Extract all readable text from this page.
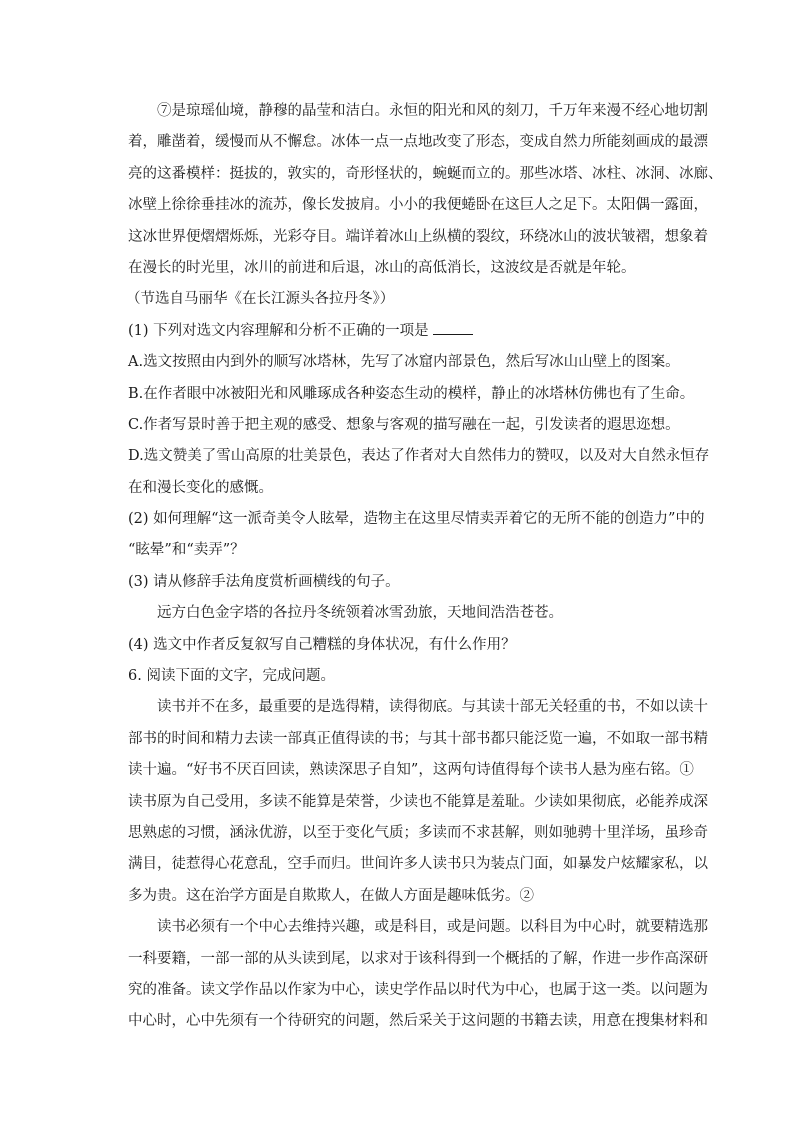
⑦是琼瑶仙境，静穆的晶莹和洁白。永恒的阳光和风的刻刀，千万年来漫不经心地切割
着，雕凿着，缓慢而从不懈怠。冰体一点一点地改变了形态，变成自然力所能刻画成的最漂
亮的这番模样：挺拔的，敦实的，奇形怪状的，蜿蜒而立的。那些冰塔、冰柱、冰洞、冰廊、
冰壁上徐徐垂挂冰的流苏，像长发披肩。小小的我便蜷卧在这巨人之足下。太阳偶一露面，
这冰世界便熠熠烁烁，光彩夺目。端详着冰山上纵横的裂纹，环绕冰山的波状皱褶，想象着
在漫长的时光里，冰川的前进和后退，冰山的高低消长，这波纹是否就是年轮。
（节选自马丽华《在长江源头各拉丹冬》）
(1) 下列对选文内容理解和分析不正确的一项是
A.选文按照由内到外的顺写冰塔林，先写了冰窟内部景色，然后写冰山山壁上的图案。
B.在作者眼中冰被阳光和风雕琢成各种姿态生动的模样，静止的冰塔林仿佛也有了生命。
C.作者写景时善于把主观的感受、想象与客观的描写融在一起，引发读者的遐思迩想。
D.选文赞美了雪山高原的壮美景色，表达了作者对大自然伟力的赞叹，以及对大自然永恒存
在和漫长变化的感慨。
(2) 如何理解“这一派奇美令人眩晕，造物主在这里尽情卖弄着它的无所不能的创造力”中的
“眩晕”和“卖弄”？
(3) 请从修辞手法角度赏析画横线的句子。
远方白色金字塔的各拉丹冬统领着冰雪劲旅，天地间浩浩苍苍。
(4) 选文中作者反复叙写自己糟糕的身体状况，有什么作用？
6. 阅读下面的文字，完成问题。
读书并不在多，最重要的是选得精，读得彻底。与其读十部无关轻重的书，不如以读十
部书的时间和精力去读一部真正值得读的书；与其十部书都只能泛览一遍，不如取一部书精
读十遍。“好书不厌百回读，熟读深思子自知”，这两句诗值得每个读书人悬为座右铭。①
读书原为自己受用，多读不能算是荣誉，少读也不能算是羞耻。少读如果彻底，必能养成深
思熟虑的习惯，涵泳优游，以至于变化气质；多读而不求甚解，则如驰骋十里洋场，虽珍奇
满目，徒惹得心花意乱，空手而归。世间许多人读书只为装点门面，如暴发户炫耀家私，以
多为贵。这在治学方面是自欺欺人，在做人方面是趣味低劣。②
读书必须有一个中心去维持兴趣，或是科目，或是问题。以科目为中心时，就要精选那
一科要籍，一部一部的从头读到尾，以求对于该科得到一个概括的了解，作进一步作高深研
究的准备。读文学作品以作家为中心，读史学作品以时代为中心，也属于这一类。以问题为
中心时，心中先须有一个待研究的问题，然后采关于这问题的书籍去读，用意在搜集材料和
